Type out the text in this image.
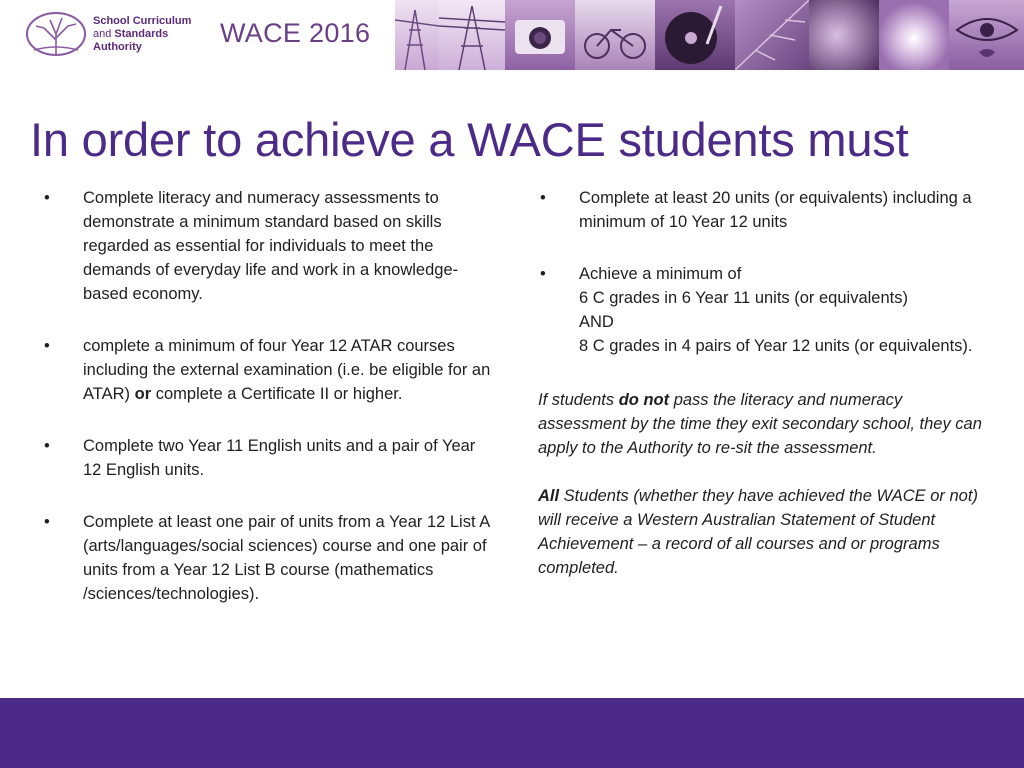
School Curriculum
and Standards
Authority	WACE 2016
In order to achieve a WACE students must
• Complete literacy and numeracy assessments to demonstrate a minimum standard based on skills regarded as essential for individuals to meet the demands of everyday life and work in a knowledge-based economy.
• complete a minimum of four Year 12 ATAR courses including the external examination (i.e. be eligible for an ATAR) or complete a Certificate II or higher.
• Complete two Year 11 English units and a pair of Year 12 English units.
• Complete at least one pair of units from a Year 12 List A (arts/languages/social sciences) course and one pair of units from a Year 12 List B course (mathematics /sciences/technologies).
• Complete at least 20 units (or equivalents) including a minimum of 10 Year 12 units
• Achieve a minimum of
6 C grades in 6 Year 11 units (or equivalents)
AND
8 C grades in 4 pairs of Year 12 units (or equivalents).

If students do not pass the literacy and numeracy assessment by the time they exit secondary school, they can apply to the Authority to re-sit the assessment.

All Students (whether they have achieved the WACE or not) will receive a Western Australian Statement of Student Achievement – a record of all courses and or programs completed.
